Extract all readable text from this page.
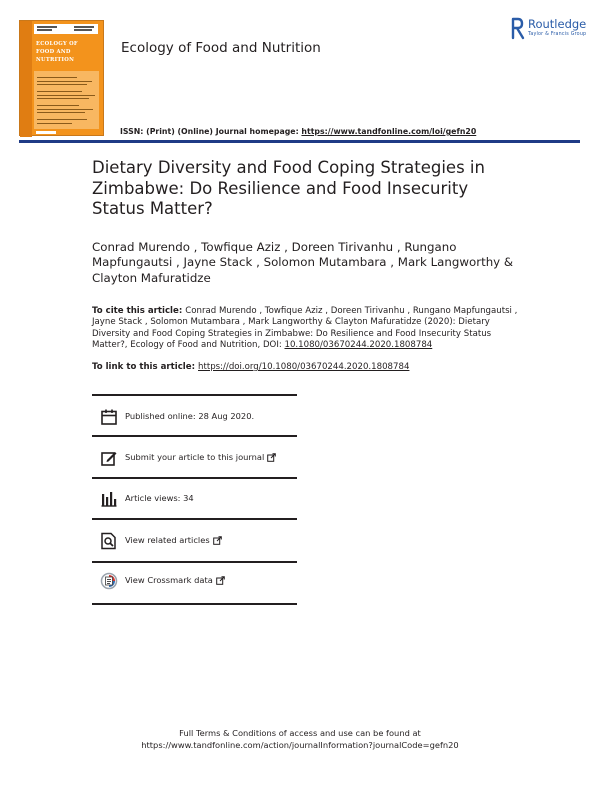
ECOLOGY OF
FOOD AND
NUTRITION
Ecology of Food and Nutrition
Routledge
Taylor & Francis Group
ISSN: (Print) (Online) Journal homepage: https://www.tandfonline.com/loi/gefn20
Dietary Diversity and Food Coping Strategies in Zimbabwe: Do Resilience and Food Insecurity Status Matter?
Conrad Murendo , Towfique Aziz , Doreen Tirivanhu , Rungano Mapfungautsi , Jayne Stack , Solomon Mutambara , Mark Langworthy & Clayton Mafuratidze
To cite this article: Conrad Murendo , Towfique Aziz , Doreen Tirivanhu , Rungano Mapfungautsi , Jayne Stack , Solomon Mutambara , Mark Langworthy & Clayton Mafuratidze (2020): Dietary Diversity and Food Coping Strategies in Zimbabwe: Do Resilience and Food Insecurity Status Matter?, Ecology of Food and Nutrition, DOI: 10.1080/03670244.2020.1808784
To link to this article: https://doi.org/10.1080/03670244.2020.1808784
Published online: 28 Aug 2020.
Submit your article to this journal
Article views: 34
View related articles
View Crossmark data
Full Terms & Conditions of access and use can be found at
https://www.tandfonline.com/action/journalInformation?journalCode=gefn20
